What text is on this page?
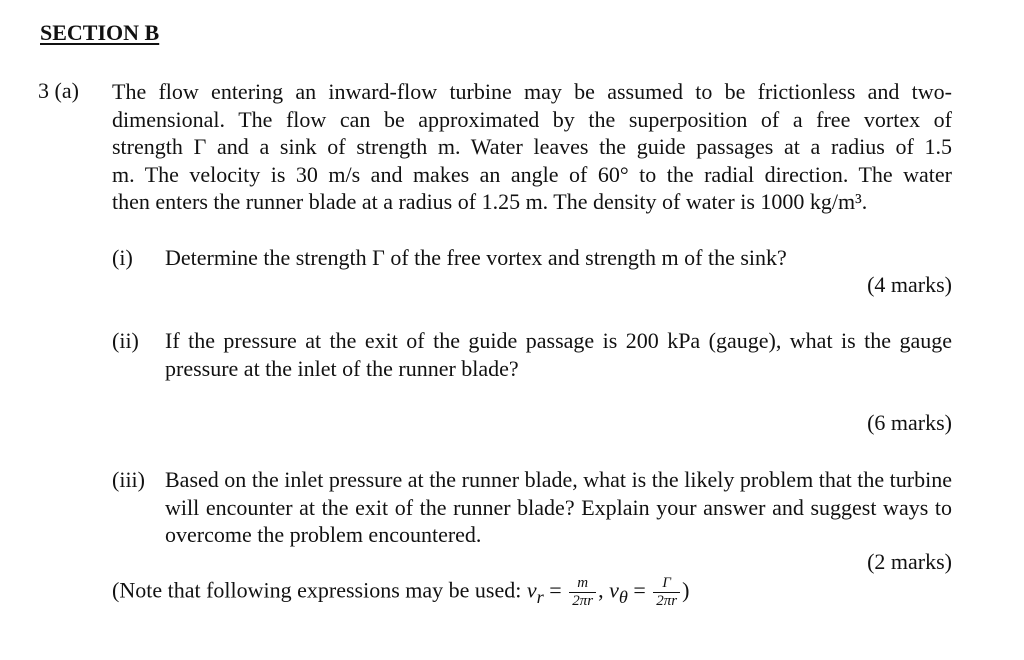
SECTION B
3 (a) The flow entering an inward-flow turbine may be assumed to be frictionless and two-
dimensional. The flow can be approximated by the superposition of a free vortex of
strength Γ and a sink of strength m. Water leaves the guide passages at a radius of 1.5
m. The velocity is 30 m/s and makes an angle of 60° to the radial direction. The water
then enters the runner blade at a radius of 1.25 m. The density of water is 1000 kg/m³.
(i) Determine the strength Γ of the free vortex and strength m of the sink?
(4 marks)
(ii) If the pressure at the exit of the guide passage is 200 kPa (gauge), what is the gauge pressure at the inlet of the runner blade?
(6 marks)
(iii) Based on the inlet pressure at the runner blade, what is the likely problem that the turbine will encounter at the exit of the runner blade? Explain your answer and suggest ways to overcome the problem encountered.
(2 marks)
(Note that following expressions may be used: $v_r = \frac{m}{2\pi r}$ , $v_\theta = \frac{\Gamma}{2\pi r}$ )
